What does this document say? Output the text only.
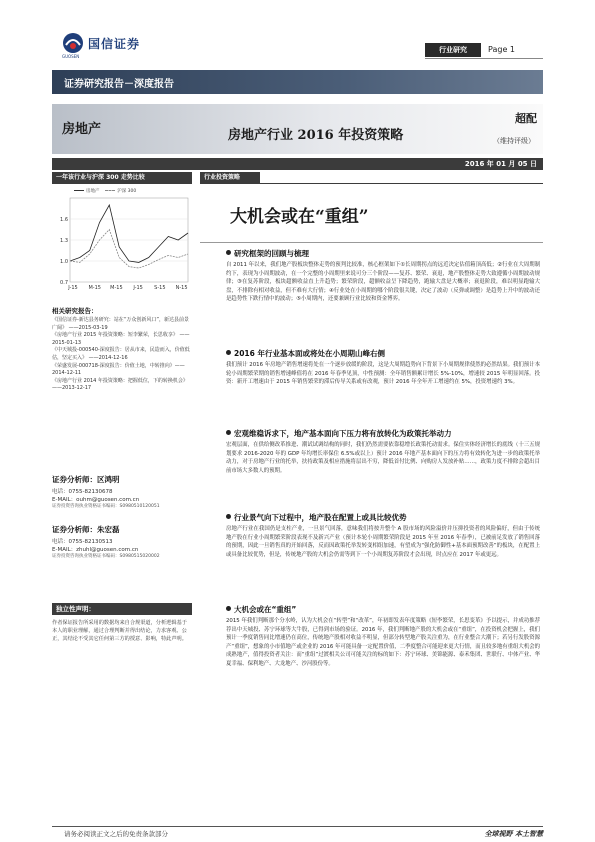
国信证券
GUOSEN
行业研究	Page 1
证券研究报告－深度报告
房地产	房地产行业 2016 年投资策略
超配
（维持评级）
2016 年 01 月 05 日
一年该行业与沪深 300 走势比较
房地产	沪深 300
0.7
1.0
1.3
1.6
J-15 M-15 M-15 J-15 S-15 N-15
相关研究报告：

《国信证券-新达县务研究：站在“万众创新风口”，新达县前景广阔》 ——2015-03-19

《房地产行业 2015 年投资策略：短李繁荣，长思收享》 ——2015-01-13

《中天城投-000540-深度报告：居从市来，民造而入，价值低估，坚定买入》 ——2014-12-16

《荣盛发展-000718-深度报告：价值土地，中转推向》——2014-12-11

《房地产行业 2014 年投资策略：把握低位，下的转换机会》 ——2013-12-17

证券分析师：区鸿明

电话：0755-82130678

E-MAIL：ouhm@guosen.com.cn

证券投资咨询执业资格证书编码：S0980510120051

证券分析师：朱宏磊

电话：0755-82130513

E-MAIL：zhuhl@guosen.com.cn

证券投资咨询执业资格证书编码：S0980515020002

独立性声明：

作者保证报告所采用的数据均来自合规渠道，分析逻辑基于本人的职业理解，通过合理判断并得出结论，力求客观、公正，其结论不受其它任何第三方的授意、影响，特此声明。

行业投资策略
大机会或在“重组”
研究框架的回顾与梳理

自 2011 年以来，我们地产股板块整体走势的预判比较准，核心框架如下①长周期拐点的远近决定估值箱顶高低；②行业在大周期制约下，表现为小周期波动，在一个完整的小周期里来说可分三个阶段——复苏、繁荣、衰退，地产股整体走势大致遵循小周期波动规律；③在复苏阶段，板块超额收益直上升趋势；繁荣阶段，超额收益呈下降趋势，跑输大盘是大概率；衰退阶段，难以明显跑输大盘，不排除有相对收益，但不难有大行情；④行业处在小周期的哪个阶段很关键，决定了波动（反弹或调整）是趋势上升中的波动还是趋势性下跌行情中的波动；⑤小周期内，还要兼顾行业比较和资金博弈。

2016 年行业基本面或将处在小周期山峰右侧

我们预计 2016 年房地产销售增速将处在一个逐步放缓的阶段，这是大周期趋势向下背景下小周期规律使然的必然结果。我们预计本轮小周期繁荣期的销售增速峰值将在 2016 年春季见顶，中性预测：全年销售额累计增长 5%-10%，增速较 2015 年明显回落。投资：新开工增速由于 2015 年销售繁荣的滞后传导关系或有改观，预计 2016 年全年开工增速约在 5%，投资增速约 3%。

宏观维稳诉求下，地产基本面向下压力将有放转化为政策托举动力

宏观层面，在供给侧改革推进、潮试试调结构的同时，我们仍然需要依靠稳增长政策托动需求。保住实体经济增长的底线（十三五规划要求 2016-2020 年的 GDP 年均增长率保住 6.5%或以上）预计 2016 年地产基本面向下的压力将有效转化为进一步的政策托举动力，对于房地产行业的托举，扶持政策及相应措施将层出不穷，降低首付比例、向购房人发放补贴……，政策力度不排除会超出目前市场大多数人的预期。

行业景气向下过程中，地产股在配置上或具比较优势

房地产行业在我国仍是支柱产业，一旦景气回落，意味我们将按升整个 A 股市场的风险溢价并压抑投资者的风险偏好，但由于传统地产股在行业小周期繁荣阶段表现不及新兴产业（预计本轮小周期繁荣阶段是 2015 年至 2016 年春季），已被前足发放了销售回落的预期，因此一旦销售真的开始回落，反而因政策托举发转变相组加速，有望成为“强化防御性+基本面预期改善”的板块，在配置上或具备比较优势，但是，传统地产股的大机会仍需等到下一个小周期复苏阶段才会出现，时点应在 2017 年或更远。

大机会或在“重组”

2015 年我们判断那个分水岭，认为大机会在“转型”和“改革”，年初即发表年度策略《短李繁荣，长思变革》予以提示，并成功推荐荐出中天城投、苏宁环球等大牛股，已得到市场的验证。2016 年，我们判断地产股的大机会或在“重组”，在投资机会把握上，我们预计一季度销售同比增速仍在高位，传统地产股相对收益不明显，但部分转型地产股关注重为，在行业整合大潮下；若另行发股资源产“重组”，想象的小市值地产或企业的 2016 年可能具备一定配置价值，二季度整合可能迎来更大行情，而且较多地有重组大机会的成熟地产，值得投资者关注：而“重组”过渡相关公司可能关注的标的如下：苏宁环球、美锦能源、泰禾集团、世联行、中体产业、华夏幸福、保利地产、大龙地产、沙河股份等。

请务必阅读正文之后的免责条款部分	全球视野 本土智慧
